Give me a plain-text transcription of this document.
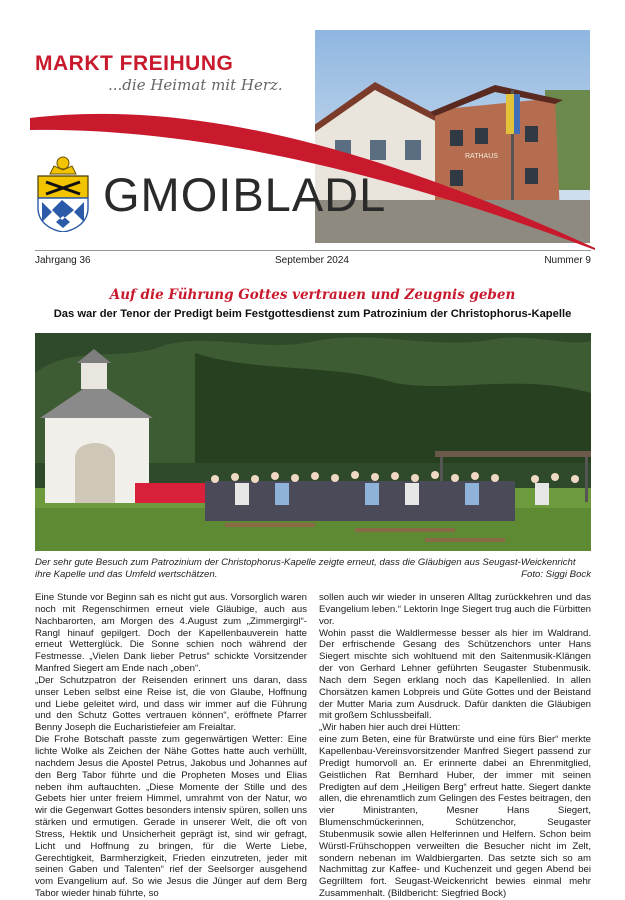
RATHAUS
MARKT FREIHUNG
...die Heimat mit Herz.
GMOIBLADL
Jahrgang 36	September 2024	Nummer 9
Auf die Führung Gottes vertrauen und Zeugnis geben
Das war der Tenor der Predigt beim Festgottesdienst zum Patrozinium der Christophorus-Kapelle
Der sehr gute Besuch zum Patrozinium der Christophorus-Kapelle zeigte erneut, dass die Gläubigen aus Seugast-Weickenricht ihre Kapelle und das Umfeld wertschätzen.	Foto: Siggi Bock

Eine Stunde vor Beginn sah es nicht gut aus. Vorsorglich waren noch mit Regenschirmen erneut viele Gläubige, auch aus Nachbarorten, am Morgen des 4.August zum „Zimmergirgl“-Rangl hinauf gepilgert. Doch der Kapellenbauverein hatte erneut Wetterglück. Die Sonne schien noch während der Festmesse. „Vielen Dank lieber Petrus“ schickte Vorsitzender Manfred Siegert am Ende nach „oben“.

„Der Schutzpatron der Reisenden erinnert uns daran, dass unser Leben selbst eine Reise ist, die von Glaube, Hoffnung und Liebe geleitet wird, und dass wir immer auf die Führung und den Schutz Gottes vertrauen können“, eröffnete Pfarrer Benny Joseph die Eucharistiefeier am Freialtar.

Die Frohe Botschaft passte zum gegenwärtigen Wetter: Eine lichte Wolke als Zeichen der Nähe Gottes hatte auch verhüllt, nachdem Jesus die Apostel Petrus, Jakobus und Johannes auf den Berg Tabor führte und die Propheten Moses und Elias neben ihm auftauchten. „Diese Momente der Stille und des Gebets hier unter freiem Himmel, umrahmt von der Natur, wo wir die Gegenwart Gottes besonders intensiv spüren, sollen uns stärken und ermutigen. Gerade in unserer Welt, die oft von Stress, Hektik und Unsicherheit geprägt ist, sind wir gefragt, Licht und Hoffnung zu bringen, für die Werte Liebe, Gerechtigkeit, Barmherzigkeit, Frieden einzutreten, jeder mit seinen Gaben und Talenten“ rief der Seelsorger ausgehend vom Evangelium auf. So wie Jesus die Jünger auf dem Berg Tabor wieder hinab führte, so

sollen auch wir wieder in unseren Alltag zurückkehren und das Evangelium leben.“ Lektorin Inge Siegert trug auch die Fürbitten vor.

Wohin passt die Waldlermesse besser als hier im Waldrand. Der erfrischende Gesang des Schützenchors unter Hans Siegert mischte sich wohltuend mit den Saitenmusik-Klängen der von Gerhard Lehner geführten Seugaster Stubenmusik. Nach dem Segen erklang noch das Kapellenlied. In allen Chorsätzen kamen Lobpreis und Güte Gottes und der Beistand der Mutter Maria zum Ausdruck. Dafür dankten die Gläubigen mit großem Schlussbeifall.

„Wir haben hier auch drei Hütten:

eine zum Beten, eine für Bratwürste und eine fürs Bier“ merkte Kapellenbau-Vereinsvorsitzender Manfred Siegert passend zur Predigt humorvoll an. Er erinnerte dabei an Ehrenmitglied, Geistlichen Rat Bernhard Huber, der immer mit seinen Predigten auf dem „Heiligen Berg“ erfreut hatte. Siegert dankte allen, die ehrenamtlich zum Gelingen des Festes beitragen, den vier Ministranten, Mesner Hans Siegert, Blumenschmückerinnen, Schützenchor, Seugaster Stubenmusik sowie allen Helferinnen und Helfern. Schon beim Würstl-Frühschoppen verweilten die Besucher nicht im Zelt, sondern nebenan im Waldbiergarten. Das setzte sich so am Nachmittag zur Kaffee- und Kuchenzeit und gegen Abend bei Gegrilltem fort. Seugast-Weickenricht bewies einmal mehr Zusammenhalt. (Bildbericht: Siegfried Bock)
